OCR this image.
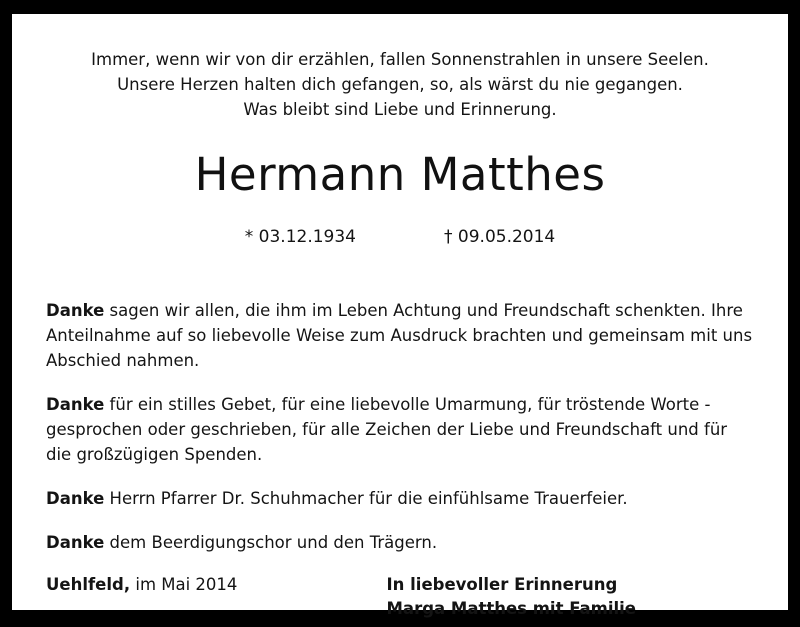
Immer, wenn wir von dir erzählen, fallen Sonnenstrahlen in unsere Seelen.
Unsere Herzen halten dich gefangen, so, als wärst du nie gegangen.
Was bleibt sind Liebe und Erinnerung.
Hermann Matthes
* 03.12.1934	† 09.05.2014

Danke sagen wir allen, die ihm im Leben Achtung und Freundschaft schenkten. Ihre Anteilnahme auf so liebevolle Weise zum Ausdruck brachten und gemeinsam mit uns Abschied nahmen.

Danke für ein stilles Gebet, für eine liebevolle Umarmung, für tröstende Worte - gesprochen oder geschrieben, für alle Zeichen der Liebe und Freundschaft und für die großzügigen Spenden.

Danke Herrn Pfarrer Dr. Schuhmacher für die einfühlsame Trauerfeier.

Danke dem Beerdigungschor und den Trägern.

Uehlfeld, im Mai 2014	In liebevoller Erinnerung
Marga Matthes mit Familie
